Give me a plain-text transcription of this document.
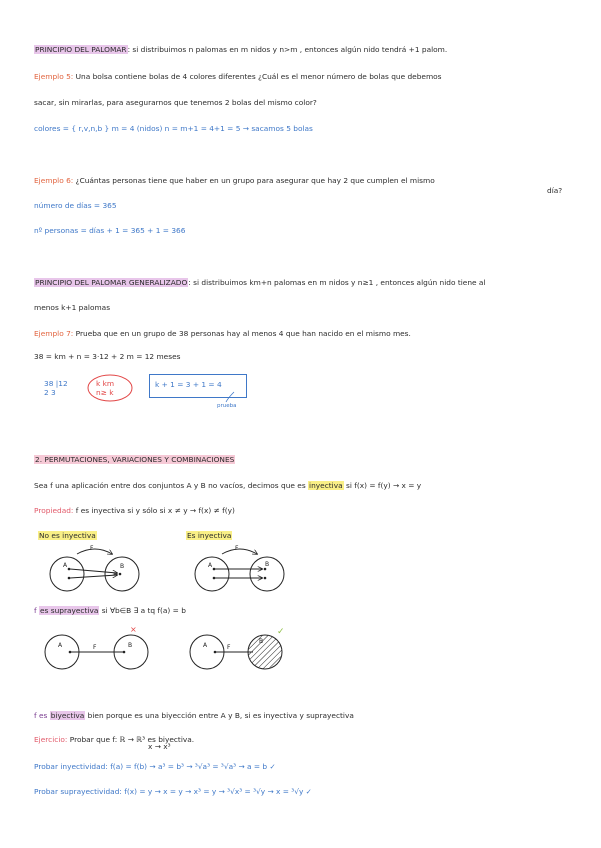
PRINCIPIO DEL PALOMAR: si distribuimos n palomas en m nidos y n>m , entonces algún nido tendrá +1 palom.
Ejemplo 5: Una bolsa contiene bolas de 4 colores diferentes ¿Cuál es el menor número de bolas que debemos
sacar, sin mirarlas, para asegurarnos que tenemos 2 bolas del mismo color?
colores = { r,v,n,b } m = 4 (nidos) n = m+1 = 4+1 = 5 → sacamos 5 bolas
Ejemplo 6: ¿Cuántas personas tiene que haber en un grupo para asegurar que hay 2 que cumplen el mismo
día?
número de días = 365
nº personas = días + 1 = 365 + 1 = 366
PRINCIPIO DEL PALOMAR GENERALIZADO: si distribuimos km+n palomas en m nidos y n≥1 , entonces algún nido tiene al
menos k+1 palomas
Ejemplo 7: Prueba que en un grupo de 38 personas hay al menos 4 que han nacido en el mismo mes.
38 = km + n = 3·12 + 2 m = 12 meses
38 |12
2 3
k km
n≥ k
k + 1 = 3 + 1 = 4
prueba
2. PERMUTACIONES, VARIACIONES Y COMBINACIONES
Sea f una aplicación entre dos conjuntos A y B no vacíos, decimos que es inyectiva si f(x) = f(y) → x = y
Propiedad: f es inyectiva si y sólo si x ≠ y → f(x) ≠ f(y)
No es inyectiva	Es inyectiva
A	B
F
A	B
F
f es suprayectiva si ∀b∈B ∃ a tq f(a) = b
A	B
F
×
A
B
F
✓
f es biyectiva bien porque es una biyección entre A y B, si es inyectiva y suprayectiva
Ejercicio: Probar que f: ℝ → ℝ³ es biyectiva.
x → x³
Probar inyectividad: f(a) = f(b) → a³ = b³ → ³√a³ = ³√a³ → a = b ✓
Probar suprayectividad: f(x) = y → x = y → x³ = y → ³√x³ = ³√y → x = ³√y ✓
